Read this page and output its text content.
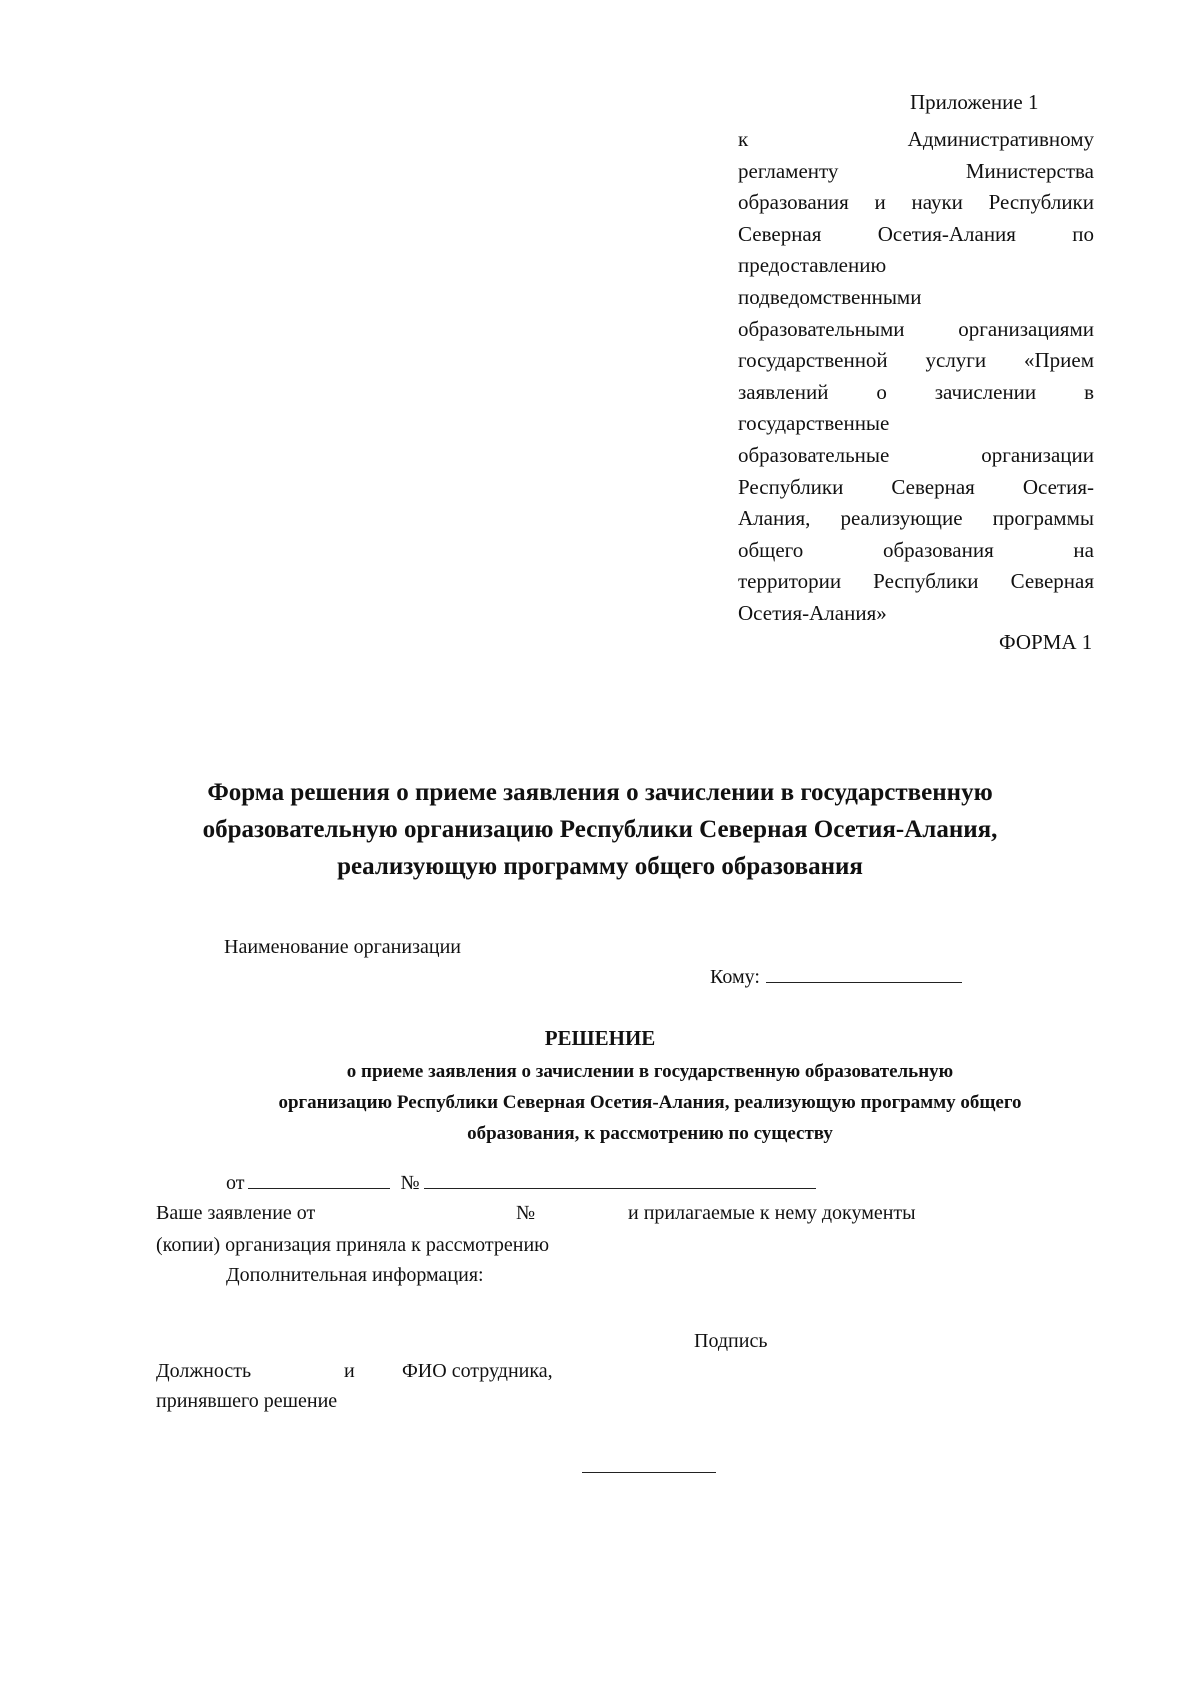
Приложение 1
к Административному
регламенту Министерства
образования и науки Республики
Северная Осетия-Алания по
предоставлению
подведомственными
образовательными организациями
государственной услуги «Прием
заявлений о зачислении в
государственные
образовательные организации
Республики Северная Осетия-
Алания, реализующие программы
общего образования на
территории Республики Северная
Осетия-Алания»
ФОРМА 1
Форма решения о приеме заявления о зачислении в государственную
образовательную организацию Республики Северная Осетия-Алания,
реализующую программу общего образования
Наименование организации
Кому:
РЕШЕНИЕ
о приеме заявления о зачислении в государственную образовательную
организацию Республики Северная Осетия-Алания, реализующую программу общего
образования, к рассмотрению по существу
от	№
Ваше заявление от	№	и прилагаемые к нему документы
(копии) организация приняла к рассмотрению
Дополнительная информация:
Подпись
Должность	и ФИО сотрудника,
принявшего решение
